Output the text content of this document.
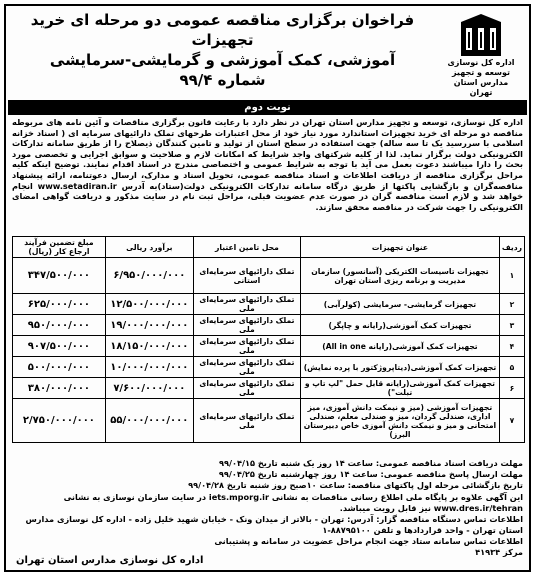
اداره کل نوسازی
توسعه و تجهیز
مدارس استان تهران
فراخوان برگزاری مناقصه عمومی دو مرحله ای خرید تجهیزات
آموزشی، کمک آموزشی و گرمایشی-سرمایشی
شماره ۹۹/۴
نوبت دوم
اداره کل نوسازی، توسعه و تجهیز مدارس استان تهران در نظر دارد با رعایت قانون برگزاری مناقصات و آئین نامه های مربوطه مناقصه دو مرحله ای خرید تجهیزات استاندارد مورد نیاز خود از محل اعتبارات طرحهای تملک دارائیهای سرمایه ای ( اسناد خزانه اسلامی با سررسید یک تا سه ساله) جهت استفاده در سطح استان از تولید و تامین کنندگان ذیصلاح را از طریق سامانه تدارکات الکترونیکی دولت برگزار نماید. لذا از کلیه شرکتهای واجد شرایط که امکانات لازم و صلاحیت و سوابق اجرایی و تخصصی مورد بحث را دارا میباشند دعوت بعمل می آید با توجه به شرایط عمومی و اختصاصی مندرج در اسناد اقدام نمایند. توضیح اینکه کلیه مراحل برگزاری مناقصه از دریافت اطلاعات و اسناد مناقصه عمومی، تحویل اسناد و مدارک، ارسال دعوتنامه، ارائه پیشنهاد مناقصه‌گران و بازگشایی پاکتها از طریق درگاه سامانه تدارکات الکترونیکی دولت(ستاد)به آدرس www.setadiran.ir انجام خواهد شد و لازم است مناقصه گران در صورت عدم عضویت قبلی، مراحل ثبت نام در سایت مذکور و دریافت گواهی امضای الکترونیکی را جهت شرکت در مناقصه محقق سازند.
ردیف	عنوان تجهیزات	محل تامین اعتبار	برآورد ریالی	مبلغ تضمین فرآیند ارجاع کار (ریال)
۱	تجهیزات تاسیسات الکتریکی (آسانسور) سازمان مدیریت و برنامه ریزی استان تهران	تملک دارائیهای سرمایه‌ای استانی	۶/۹۵۰/۰۰۰/۰۰۰	۳۴۷/۵۰۰/۰۰۰
۲	تجهیزات گرمایشی- سرمایشی (کولرآبی)	تملک دارائیهای سرمایه‌ای ملی	۱۲/۵۰۰/۰۰۰/۰۰۰	۶۲۵/۰۰۰/۰۰۰
۳	تجهیزات کمک آموزشی(رایانه و چاپگر)	تملک دارائیهای سرمایه‌ای ملی	۱۹/۰۰۰/۰۰۰/۰۰۰	۹۵۰/۰۰۰/۰۰۰
۴	تجهیزات کمک آموزشی(رایانه All in one)	تملک دارائیهای سرمایه‌ای ملی	۱۸/۱۵۰/۰۰۰/۰۰۰	۹۰۷/۵۰۰/۰۰۰
۵	تجهیزات کمک آموزشی(دیتاپروژکتور با پرده نمایش)	تملک دارائیهای سرمایه‌ای ملی	۱۰/۰۰۰/۰۰۰/۰۰۰	۵۰۰/۰۰۰/۰۰۰
۶	تجهیزات کمک آموزشی(رایانه قابل حمل "لپ تاپ و تبلت")	تملک دارائیهای سرمایه‌ای ملی	۷/۶۰۰/۰۰۰/۰۰۰	۳۸۰/۰۰۰/۰۰۰
۷	تجهیزات آموزشی (میز و نیمکت دانش آموزی، میز اداری، صندلی گردان، میز و صندلی معلم، صندلی امتحانی و میز و نیمکت دانش آموزی خاص دبیرستان البرز)	تملک دارائیهای سرمایه‌ای ملی	۵۵/۰۰۰/۰۰۰/۰۰۰	۲/۷۵۰/۰۰۰/۰۰۰
مهلت دریافت اسناد مناقصه عمومی: ساعت ۱۴ روز یک شنبه تاریخ ۹۹/۰۴/۱۵
مهلت ارسال پاسخ مناقصه عمومی: ساعت ۱۴ روز چهارشنبه تاریخ ۹۹/۰۴/۲۵
تاریخ بازگشائی مرحله اول پاکتهای مناقصه: ساعت ۱۰صبح روز شنبه تاریخ ۹۹/۰۴/۲۸
این آگهی علاوه بر پایگاه ملی اطلاع رسانی مناقصات به نشانی iets.mporg.ir در سایت سازمان نوسازی به نشانی www.dres.ir/tehran نیز قابل رویت میباشد.
اطلاعات تماس دستگاه مناقصه گزار: آدرس: تهران - بالاتر از میدان ونک - خیابان شهید خلیل زاده - اداره کل نوسازی مدارس استان تهران - واحد قراردادها و تلفن ۸۸۷۹۵۱۰۰-۱
اطلاعات تماس سامانه ستاد جهت انجام مراحل عضویت در سامانه و پشتیبانی مرکز ۴۱۹۳۴
اداره کل نوسازی مدارس استان تهران
